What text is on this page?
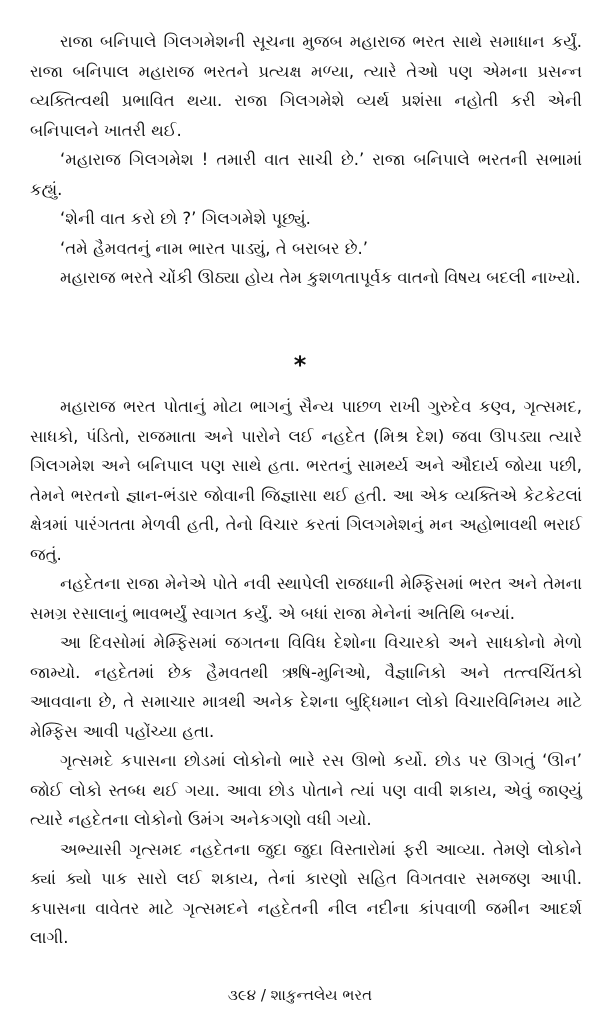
રાજા બનિપાલે ગિલગમેશની સૂચના મુજબ મહારાજ ભરત સાથે સમાધાન કર્યું. રાજા બનિપાલ મહારાજ ભરતને પ્રત્યક્ષ મળ્યા, ત્યારે તેઓ પણ એમના પ્રસન્ન વ્યક્તિત્વથી પ્રભાવિત થયા. રાજા ગિલગમેશે વ્યર્થ પ્રશંસા નહોતી કરી એની બનિપાલને ખાતરી થઈ.

‘મહારાજ ગિલગમેશ ! તમારી વાત સાચી છે.’ રાજા બનિપાલે ભરતની સભામાં કહ્યું.

‘શેની વાત કરો છો ?’ ગિલગમેશે પૂછ્યું.

‘તમે હૈમવતનું નામ ભારત પાડ્યું, તે બરાબર છે.’

મહારાજ ભરતે ચોંકી ઊઠ્યા હોય તેમ કુશળતાપૂર્વક વાતનો વિષય બદલી નાખ્યો.

*

મહારાજ ભરત પોતાનું મોટા ભાગનું સૈન્ય પાછળ રાખી ગુરુદેવ કણ્વ, ગૃત્સમદ, સાધકો, પંડિતો, રાજમાતા અને પારોને લઈ નહદેત (મિશ્ર દેશ) જવા ઊપડ્યા ત્યારે ગિલગમેશ અને બનિપાલ પણ સાથે હતા. ભરતનું સામર્થ્ય અને ઔદાર્ય જોયા પછી, તેમને ભરતનો જ્ઞાન-ભંડાર જોવાની જિજ્ઞાસા થઈ હતી. આ એક વ્યક્તિએ કેટકેટલાં ક્ષેત્રમાં પારંગતતા મેળવી હતી, તેનો વિચાર કરતાં ગિલગમેશનું મન અહોભાવથી ભરાઈ જતું.

નહદેતના રાજા મેનેએ પોતે નવી સ્થાપેલી રાજધાની મેમ્ફિસમાં ભરત અને તેમના સમગ્ર રસાલાનું ભાવભર્યું સ્વાગત કર્યું. એ બધાં રાજા મેનેનાં અતિથિ બન્યાં.

આ દિવસોમાં મેમ્ફિસમાં જગતના વિવિધ દેશોના વિચારકો અને સાધકોનો મેળો જામ્યો. નહદેતમાં છેક હૈમવતથી ઋષિ-મુનિઓ, વૈજ્ઞાનિકો અને તત્ત્વચિંતકો આવવાના છે, તે સમાચાર માત્રથી અનેક દેશના બુદ્ધિમાન લોકો વિચારવિનિમય માટે મેમ્ફિસ આવી પહોંચ્યા હતા.

ગૃત્સમદે કપાસના છોડમાં લોકોનો ભારે રસ ઊભો કર્યો. છોડ પર ઊગતું ‘ઊન’ જોઈ લોકો સ્તબ્ધ થઈ ગયા. આવા છોડ પોતાને ત્યાં પણ વાવી શકાય, એવું જાણ્યું ત્યારે નહદેતના લોકોનો ઉમંગ અનેકગણો વધી ગયો.

અભ્યાસી ગૃત્સમદ નહદેતના જુદા જુદા વિસ્તારોમાં ફરી આવ્યા. તેમણે લોકોને ક્યાં ક્યો પાક સારો લઈ શકાય, તેનાં કારણો સહિત વિગતવાર સમજણ આપી. કપાસના વાવેતર માટે ગૃત્સમદને નહદેતની નીલ નદીના કાંપવાળી જમીન આદર્શ લાગી.

૩૯૪ / શાકુન્તલેય ભરત
